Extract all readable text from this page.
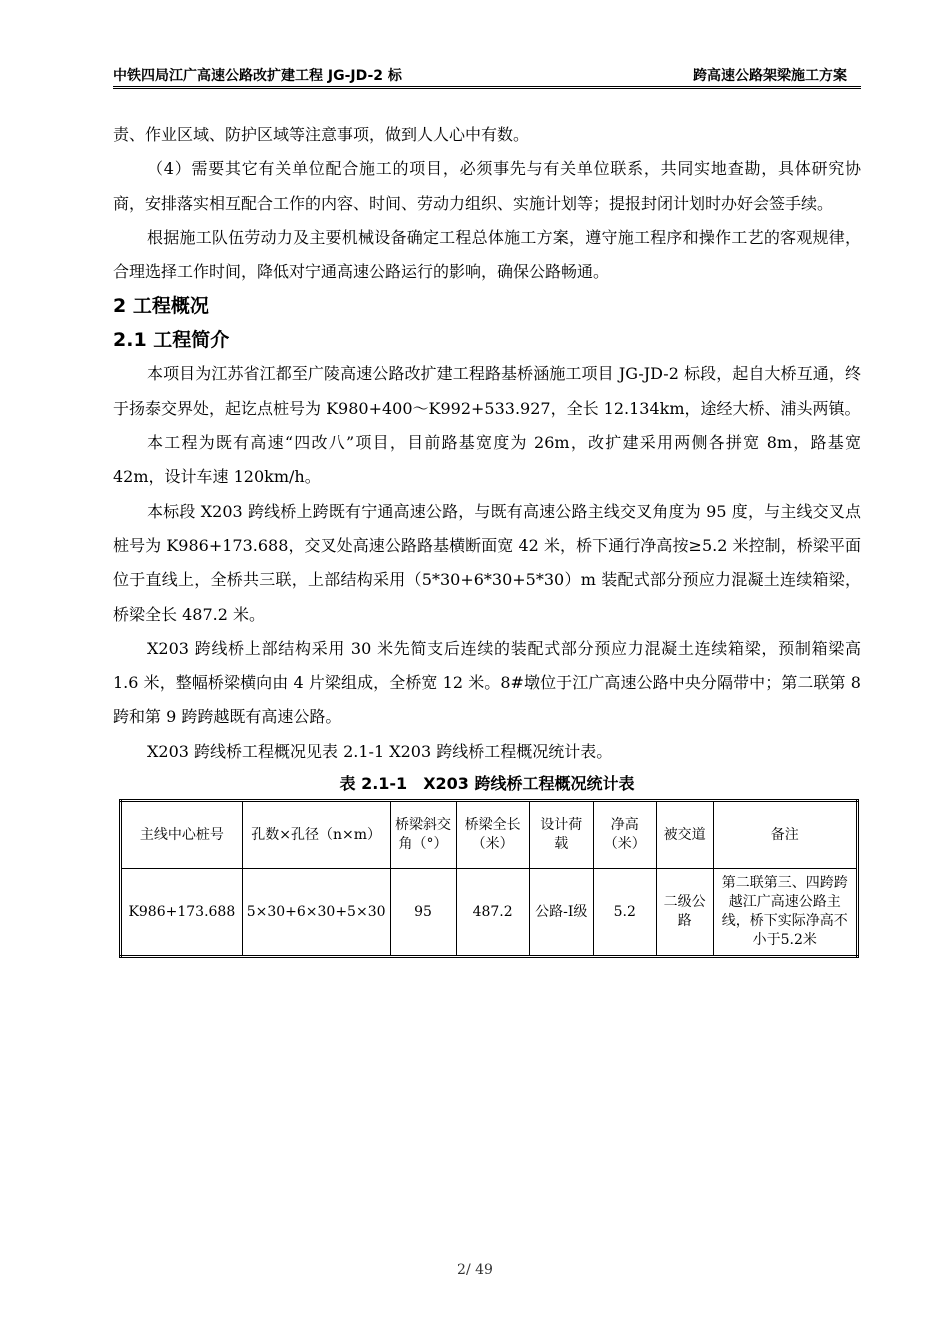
中铁四局江广高速公路改扩建工程 JG-JD-2 标	跨高速公路架梁施工方案

责、作业区域、防护区域等注意事项，做到人人心中有数。

（4）需要其它有关单位配合施工的项目，必须事先与有关单位联系，共同实地查勘，具体研究协商，安排落实相互配合工作的内容、时间、劳动力组织、实施计划等；提报封闭计划时办好会签手续。

根据施工队伍劳动力及主要机械设备确定工程总体施工方案，遵守施工程序和操作工艺的客观规律，合理选择工作时间，降低对宁通高速公路运行的影响，确保公路畅通。

2 工程概况
2.1 工程简介

本项目为江苏省江都至广陵高速公路改扩建工程路基桥涵施工项目 JG-JD-2 标段，起自大桥互通，终于扬泰交界处，起讫点桩号为 K980+400～K992+533.927，全长 12.134km，途经大桥、浦头两镇。

本工程为既有高速“四改八”项目，目前路基宽度为 26m，改扩建采用两侧各拼宽 8m，路基宽 42m，设计车速 120km/h。

本标段 X203 跨线桥上跨既有宁通高速公路，与既有高速公路主线交叉角度为 95 度，与主线交叉点桩号为 K986+173.688，交叉处高速公路路基横断面宽 42 米，桥下通行净高按≥5.2 米控制，桥梁平面位于直线上，全桥共三联，上部结构采用（5*30+6*30+5*30）m 装配式部分预应力混凝土连续箱梁，桥梁全长 487.2 米。

X203 跨线桥上部结构采用 30 米先简支后连续的装配式部分预应力混凝土连续箱梁，预制箱梁高 1.6 米，整幅桥梁横向由 4 片梁组成，全桥宽 12 米。8#墩位于江广高速公路中央分隔带中；第二联第 8 跨和第 9 跨跨越既有高速公路。

X203 跨线桥工程概况见表 2.1-1 X203 跨线桥工程概况统计表。

表 2.1-1　X203 跨线桥工程概况统计表
主线中心桩号	孔数×孔径（n×m）	桥梁斜交角（°）	桥梁全长（米）	设计荷载	净高（米）	被交道	备注
K986+173.688	5×30+6×30+5×30	95	487.2	公路-I级	5.2	二级公路	第二联第三、四跨跨越江广高速公路主线，桥下实际净高不小于5.2米
2/ 49
